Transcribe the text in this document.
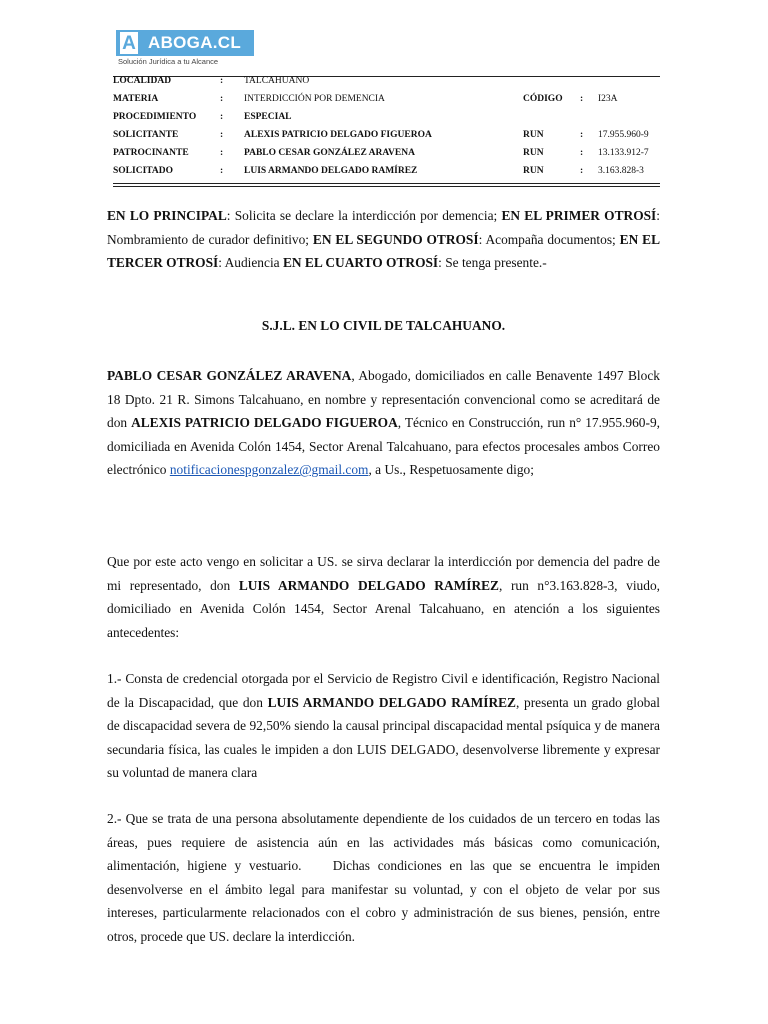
A ABOGA.CL
Solución Jurídica a tu Alcance
LOCALIDAD	: TALCAHUANO
MATERIA	: INTERDICCIÓN POR DEMENCIA	CÓDIGO : I23A
PROCEDIMIENTO	: ESPECIAL
SOLICITANTE	: ALEXIS PATRICIO DELGADO FIGUEROA	RUN	: 17.955.960-9
PATROCINANTE	: PABLO CESAR GONZÁLEZ ARAVENA	RUN	: 13.133.912-7
SOLICITADO	: LUIS ARMANDO DELGADO RAMÍREZ	RUN	: 3.163.828-3
EN LO PRINCIPAL: Solicita se declare la interdicción por demencia; EN EL PRIMER OTROSÍ: Nombramiento de curador definitivo; EN EL SEGUNDO OTROSÍ: Acompaña documentos; EN EL TERCER OTROSÍ: Audiencia EN EL CUARTO OTROSÍ: Se tenga presente.-
S.J.L. EN LO CIVIL DE TALCAHUANO.
PABLO CESAR GONZÁLEZ ARAVENA, Abogado, domiciliados en calle Benavente 1497 Block 18 Dpto. 21 R. Simons Talcahuano, en nombre y representación convencional como se acreditará de don ALEXIS PATRICIO DELGADO FIGUEROA, Técnico en Construcción, run n° 17.955.960-9, domiciliada en Avenida Colón 1454, Sector Arenal Talcahuano, para efectos procesales ambos Correo electrónico notificacionespgonzalez@gmail.com, a Us., Respetuosamente digo;
Que por este acto vengo en solicitar a US. se sirva declarar la interdicción por demencia del padre de mi representado, don LUIS ARMANDO DELGADO RAMÍREZ, run n°3.163.828-3, viudo, domiciliado en Avenida Colón 1454, Sector Arenal Talcahuano, en atención a los siguientes antecedentes:
1.- Consta de credencial otorgada por el Servicio de Registro Civil e identificación, Registro Nacional de la Discapacidad, que don LUIS ARMANDO DELGADO RAMÍREZ, presenta un grado global de discapacidad severa de 92,50% siendo la causal principal discapacidad mental psíquica y de manera secundaria física, las cuales le impiden a don LUIS DELGADO, desenvolverse libremente y expresar su voluntad de manera clara
2.- Que se trata de una persona absolutamente dependiente de los cuidados de un tercero en todas las áreas, pues requiere de asistencia aún en las actividades más básicas como comunicación, alimentación, higiene y vestuario.    Dichas condiciones en las que se encuentra le impiden desenvolverse en el ámbito legal para manifestar su voluntad, y con el objeto de velar por sus intereses, particularmente relacionados con el cobro y administración de sus bienes, pensión, entre otros, procede que US. declare la interdicción.
